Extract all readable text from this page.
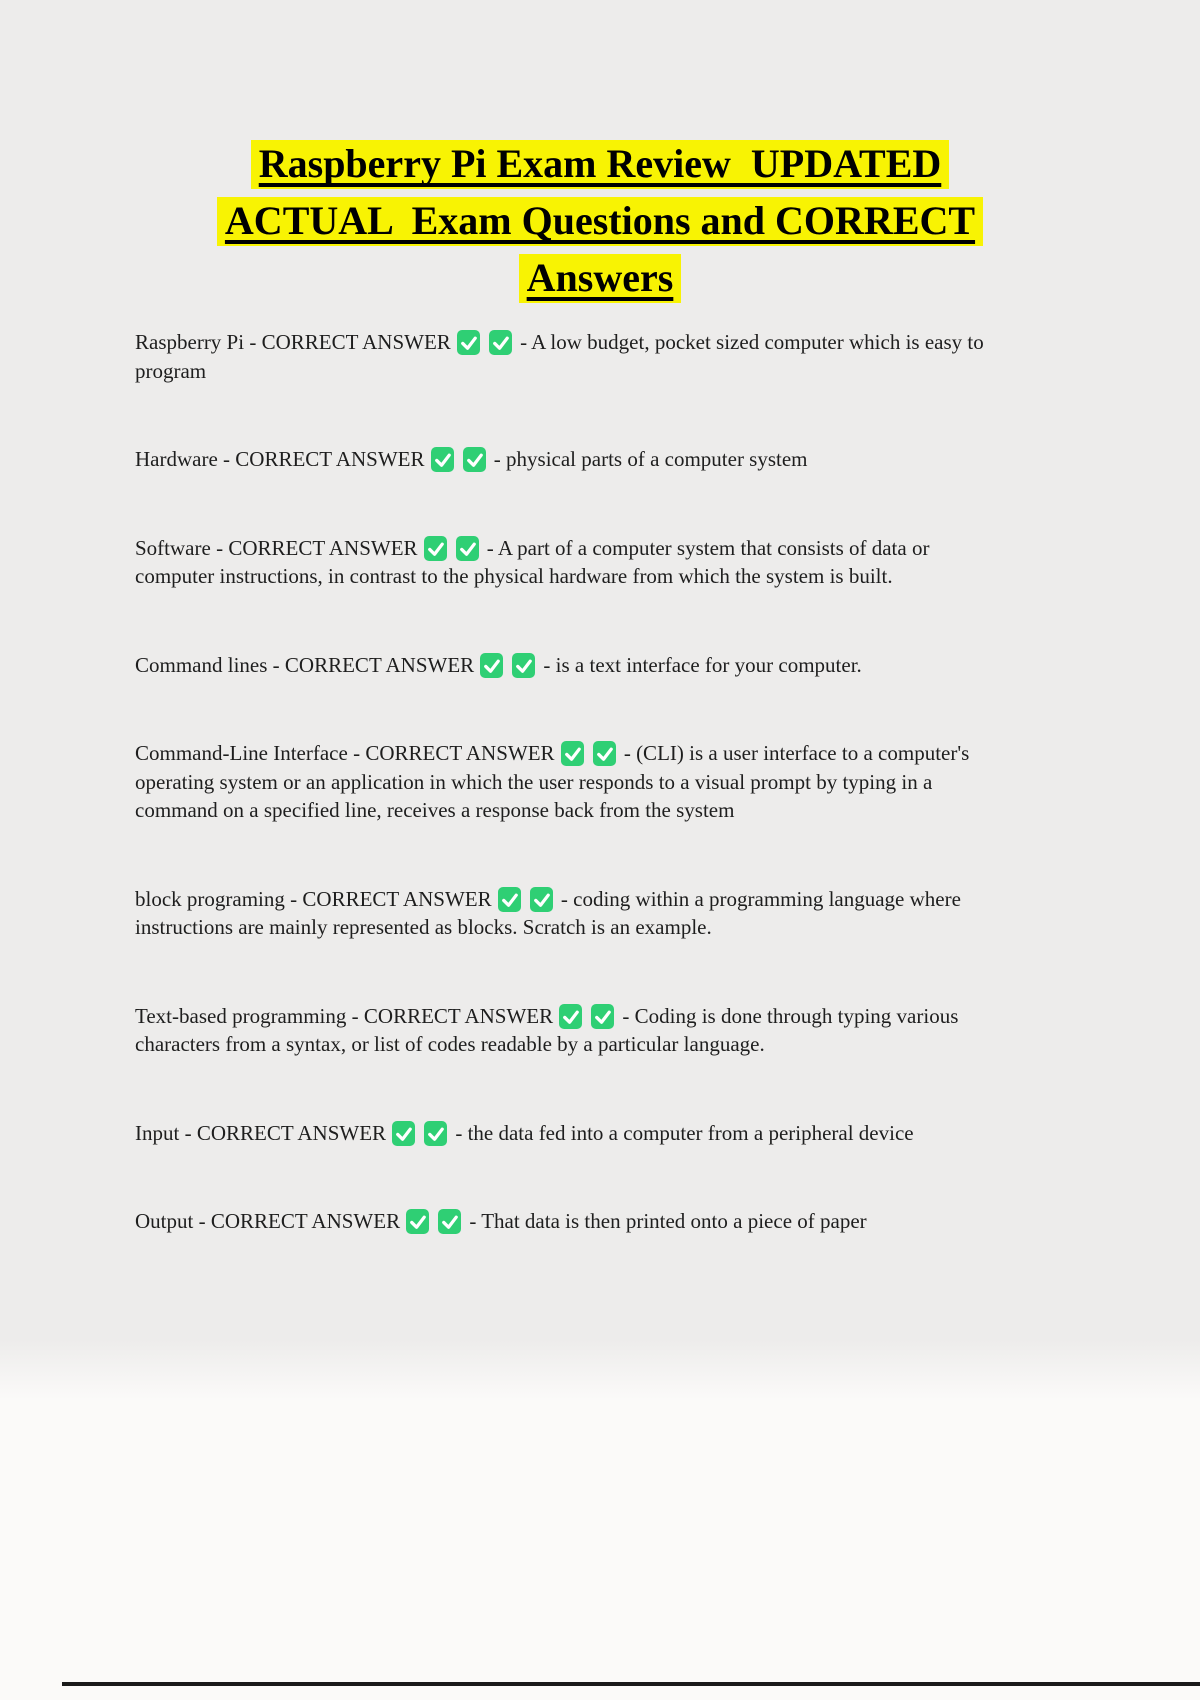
Raspberry Pi Exam Review  UPDATED
ACTUAL  Exam Questions and CORRECT
Answers

Raspberry Pi - CORRECT ANSWER	- A low budget, pocket sized computer which is easy to program

Hardware - CORRECT ANSWER	- physical parts of a computer system

Software - CORRECT ANSWER	- A part of a computer system that consists of data or computer instructions, in contrast to the physical hardware from which the system is built.

Command lines - CORRECT ANSWER	- is a text interface for your computer.

Command-Line Interface - CORRECT ANSWER	- (CLI) is a user interface to a computer's operating system or an application in which the user responds to a visual prompt by typing in a command on a specified line, receives a response back from the system

block programing - CORRECT ANSWER	- coding within a programming language where instructions are mainly represented as blocks. Scratch is an example.

Text-based programming - CORRECT ANSWER	- Coding is done through typing various characters from a syntax, or list of codes readable by a particular language.

Input - CORRECT ANSWER	- the data fed into a computer from a peripheral device

Output - CORRECT ANSWER	- That data is then printed onto a piece of paper
